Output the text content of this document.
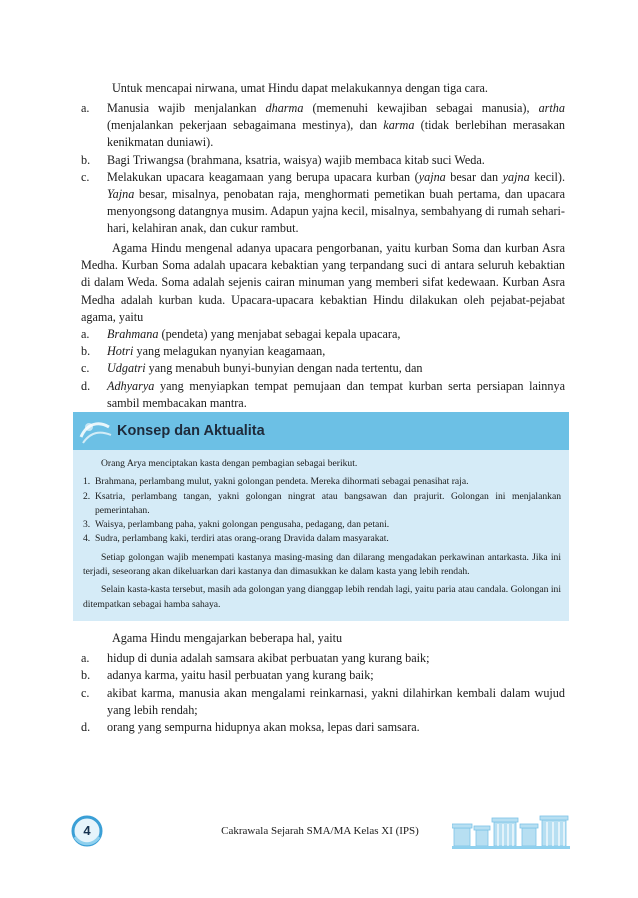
Untuk mencapai nirwana, umat Hindu dapat melakukannya dengan tiga cara.

a. Manusia wajib menjalankan dharma (memenuhi kewajiban sebagai manusia), artha (menjalankan pekerjaan sebagaimana mestinya), dan karma (tidak berlebihan merasakan kenikmatan duniawi).
b. Bagi Triwangsa (brahmana, ksatria, waisya) wajib membaca kitab suci Weda.
c. Melakukan upacara keagamaan yang berupa upacara kurban (yajna besar dan yajna kecil). Yajna besar, misalnya, penobatan raja, menghormati pemetikan buah pertama, dan upacara menyongsong datangnya musim. Adapun yajna kecil, misalnya, sembahyang di rumah sehari-hari, kelahiran anak, dan cukur rambut.

Agama Hindu mengenal adanya upacara pengorbanan, yaitu kurban Soma dan kurban Asra Medha. Kurban Soma adalah upacara kebaktian yang terpandang suci di antara seluruh kebaktian di dalam Weda. Soma adalah sejenis cairan minuman yang memberi sifat kedewaan. Kurban Asra Medha adalah kurban kuda. Upacara-upacara kebaktian Hindu dilakukan oleh pejabat-pejabat agama, yaitu

a. Brahmana (pendeta) yang menjabat sebagai kepala upacara,
b. Hotri yang melagukan nyanyian keagamaan,
c. Udgatri yang menabuh bunyi-bunyian dengan nada tertentu, dan
d. Adhyarya yang menyiapkan tempat pemujaan dan tempat kurban serta persiapan lainnya sambil membacakan mantra.
Konsep dan Aktualita

Orang Arya menciptakan kasta dengan pembagian sebagai berikut.

1. Brahmana, perlambang mulut, yakni golongan pendeta. Mereka dihormati sebagai penasihat raja.
2. Ksatria, perlambang tangan, yakni golongan ningrat atau bangsawan dan prajurit. Golongan ini menjalankan pemerintahan.
3. Waisya, perlambang paha, yakni golongan pengusaha, pedagang, dan petani.
4. Sudra, perlambang kaki, terdiri atas orang-orang Dravida dalam masyarakat.

Setiap golongan wajib menempati kastanya masing-masing dan dilarang mengadakan perkawinan antarkasta. Jika ini terjadi, seseorang akan dikeluarkan dari kastanya dan dimasukkan ke dalam kasta yang lebih rendah.

Selain kasta-kasta tersebut, masih ada golongan yang dianggap lebih rendah lagi, yaitu paria atau candala. Golongan ini ditempatkan sebagai hamba sahaya.

Agama Hindu mengajarkan beberapa hal, yaitu

a. hidup di dunia adalah samsara akibat perbuatan yang kurang baik;
b. adanya karma, yaitu hasil perbuatan yang kurang baik;
c. akibat karma, manusia akan mengalami reinkarnasi, yakni dilahirkan kembali dalam wujud yang lebih rendah;
d. orang yang sempurna hidupnya akan moksa, lepas dari samsara.
4	Cakrawala Sejarah SMA/MA Kelas XI (IPS)
